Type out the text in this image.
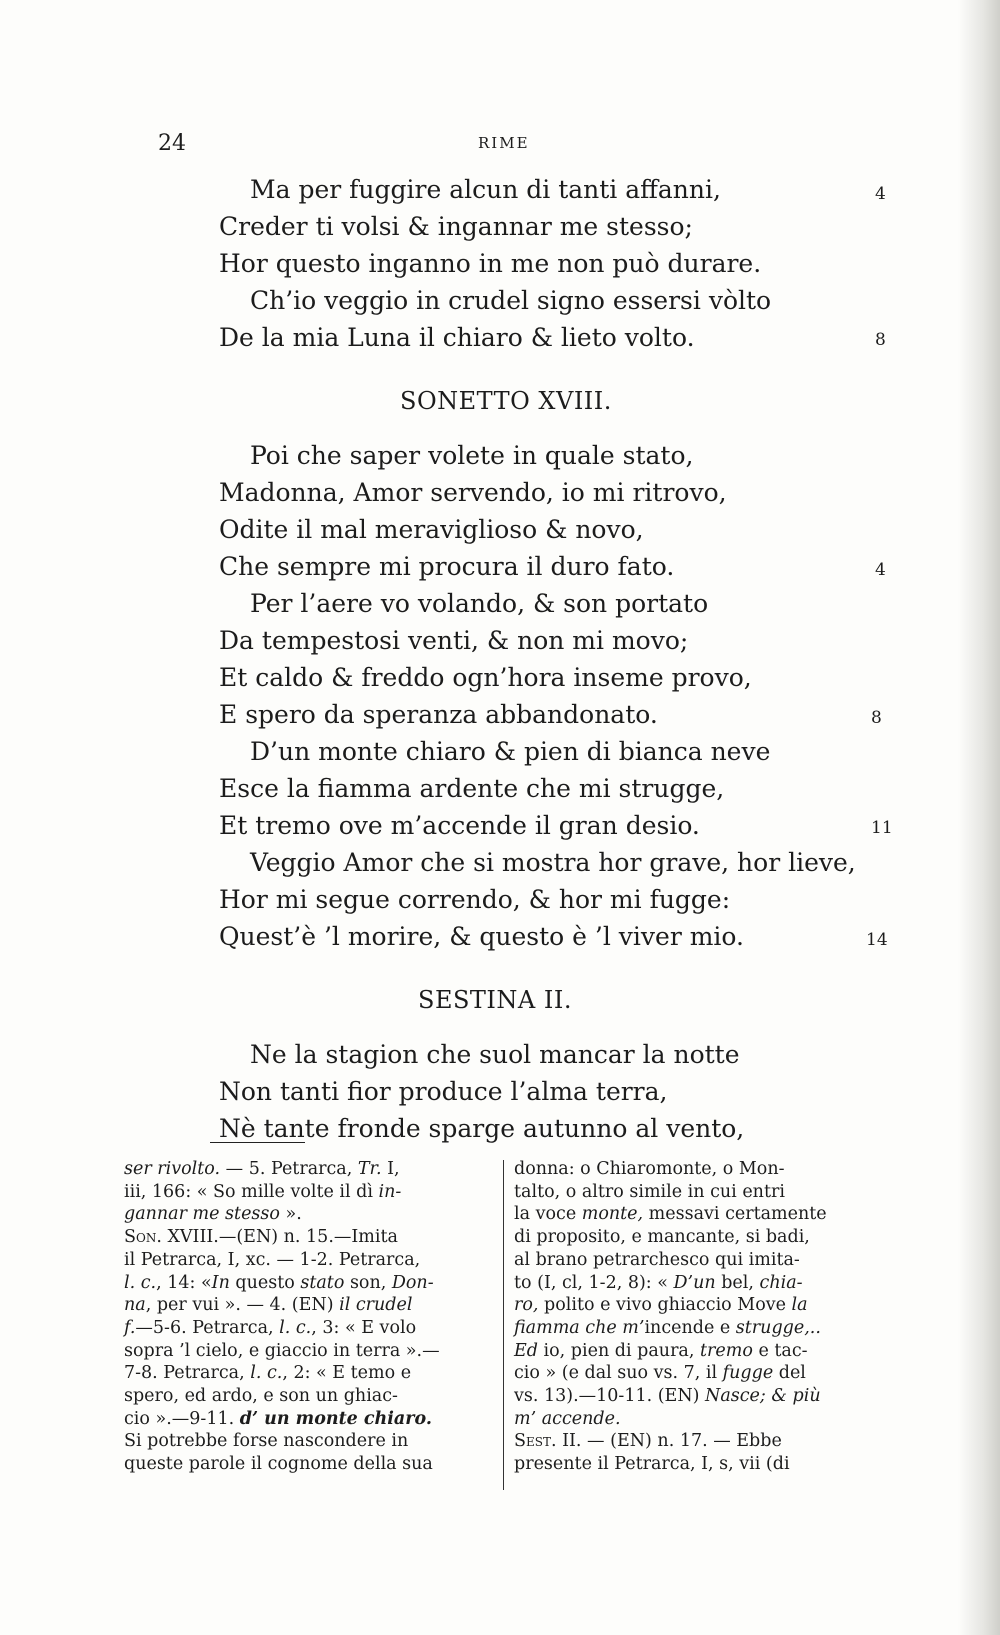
24	RIME
Ma per fuggire alcun di tanti affanni,
Creder ti volsi & ingannar me stesso;
Hor questo inganno in me non può durare.
Ch’io veggio in crudel signo essersi vòlto
De la mia Luna il chiaro & lieto volto.
4
8
SONETTO XVIII.
Poi che saper volete in quale stato,
Madonna, Amor servendo, io mi ritrovo,
Odite il mal meraviglioso & novo,
Che sempre mi procura il duro fato.
Per l’aere vo volando, & son portato
Da tempestosi venti, & non mi movo;
Et caldo & freddo ogn’hora inseme provo,
E spero da speranza abbandonato.
D’un monte chiaro & pien di bianca neve
Esce la fiamma ardente che mi strugge,
Et tremo ove m’accende il gran desio.
Veggio Amor che si mostra hor grave, hor lieve,
Hor mi segue correndo, & hor mi fugge:
Quest’è ’l morire, & questo è ’l viver mio.
4
8
11
14
SESTINA II.
Ne la stagion che suol mancar la notte
Non tanti fior produce l’alma terra,
Nè tante fronde sparge autunno al vento,
ser rivolto. — 5. Petrarca, Tr. I,
iii, 166: « So mille volte il dì in-
gannar me stesso ».
Son. XVIII.—(EN) n. 15.—Imita
il Petrarca, I, xc. — 1-2. Petrarca,
l. c., 14: «In questo stato son, Don-
na, per vui ». — 4. (EN) il crudel
f.—5-6. Petrarca, l. c., 3: « E volo
sopra ’l cielo, e giaccio in terra ».—
7-8. Petrarca, l. c., 2: « E temo e
spero, ed ardo, e son un ghiac-
cio ».—9-11. d’ un monte chiaro.
Si potrebbe forse nascondere in
queste parole il cognome della sua
donna: o Chiaromonte, o Mon-
talto, o altro simile in cui entri
la voce monte, messavi certamente
di proposito, e mancante, si badi,
al brano petrarchesco qui imita-
to (I, cl, 1-2, 8): « D’un bel, chia-
ro, polito e vivo ghiaccio Move la
fiamma che m’incende e strugge,..
Ed io, pien di paura, tremo e tac-
cio » (e dal suo vs. 7, il fugge del
vs. 13).—10-11. (EN) Nasce; & più
m’ accende.
Sest. II. — (EN) n. 17. — Ebbe
presente il Petrarca, I, s, vii (di
